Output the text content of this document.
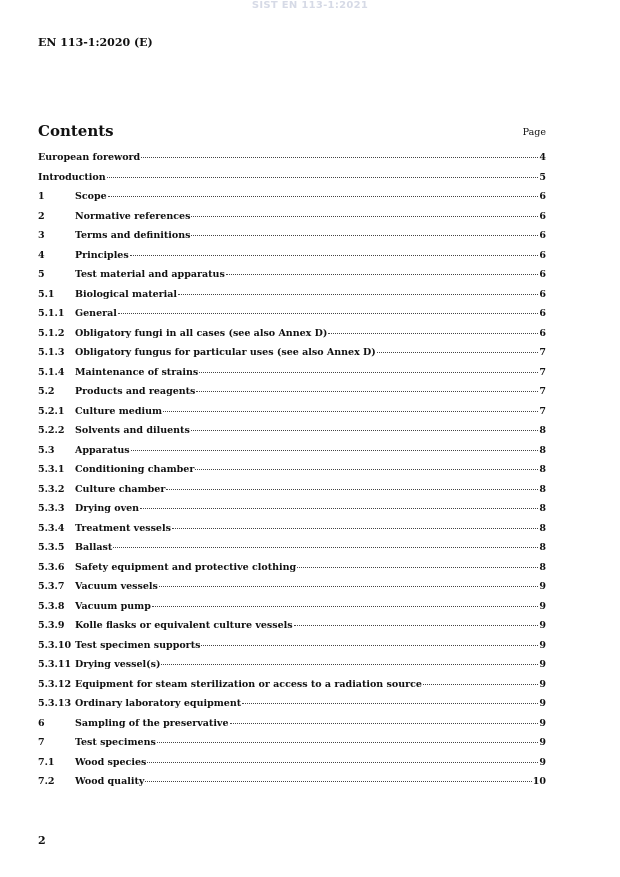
SIST EN 113-1:2021
EN 113-1:2020 (E)
Contents	Page
European foreword	4
Introduction	5
1	Scope	6
2	Normative references	6
3	Terms and definitions	6
4	Principles	6
5	Test material and apparatus	6
5.1	Biological material	6
5.1.1	General	6
5.1.2	Obligatory fungi in all cases (see also Annex D)	6
5.1.3	Obligatory fungus for particular uses (see also Annex D)	7
5.1.4	Maintenance of strains	7
5.2	Products and reagents	7
5.2.1	Culture medium	7
5.2.2	Solvents and diluents	8
5.3	Apparatus	8
5.3.1	Conditioning chamber	8
5.3.2	Culture chamber	8
5.3.3	Drying oven	8
5.3.4	Treatment vessels	8
5.3.5	Ballast	8
5.3.6	Safety equipment and protective clothing	8
5.3.7	Vacuum vessels	9
5.3.8	Vacuum pump	9
5.3.9	Kolle flasks or equivalent culture vessels	9
5.3.10 Test specimen supports	9
5.3.11 Drying vessel(s)	9
5.3.12 Equipment for steam sterilization or access to a radiation source	9
5.3.13 Ordinary laboratory equipment	9
6	Sampling of the preservative	9
7	Test specimens	9
7.1	Wood species	9
7.2	Wood quality	10
2
